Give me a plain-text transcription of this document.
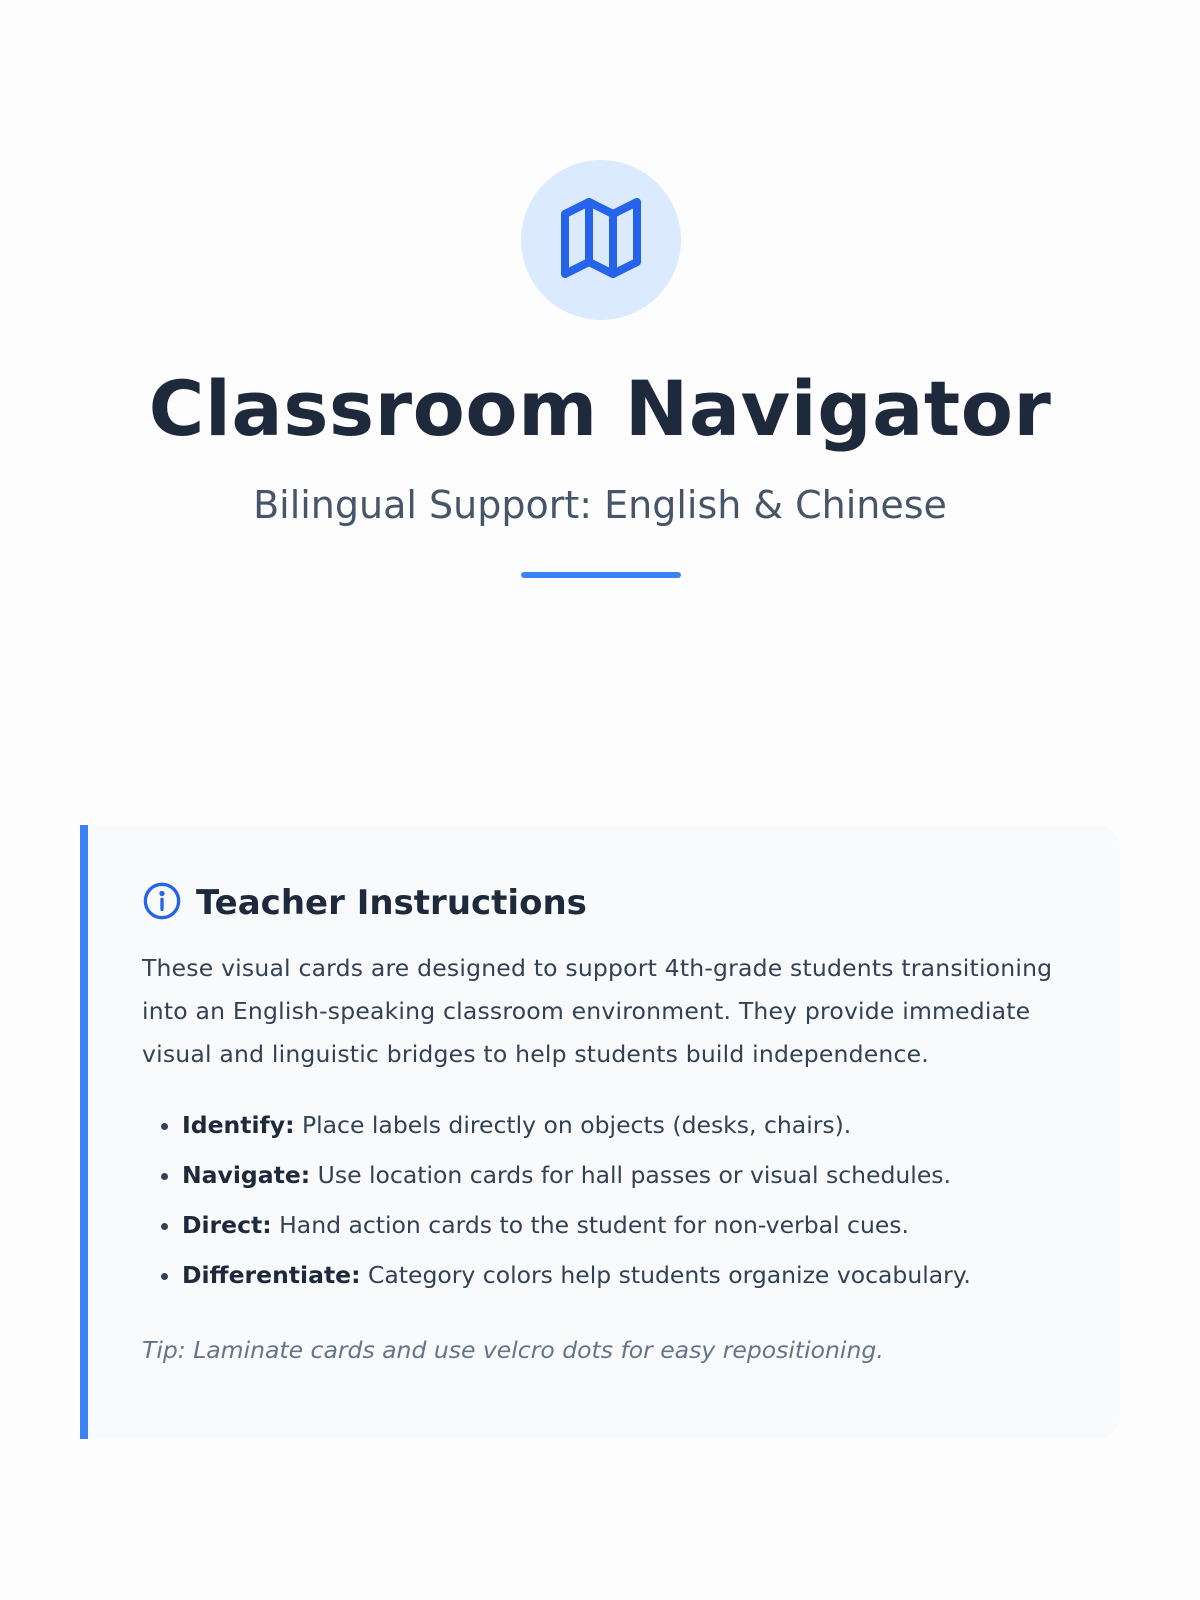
Classroom Navigator
Bilingual Support: English & Chinese
Teacher Instructions

These visual cards are designed to support 4th-grade students transitioning into an English-speaking classroom environment. They provide immediate visual and linguistic bridges to help students build independence.

• Identify: Place labels directly on objects (desks, chairs).
• Navigate: Use location cards for hall passes or visual schedules.
• Direct: Hand action cards to the student for non-verbal cues.
• Differentiate: Category colors help students organize vocabulary.

Tip: Laminate cards and use velcro dots for easy repositioning.
